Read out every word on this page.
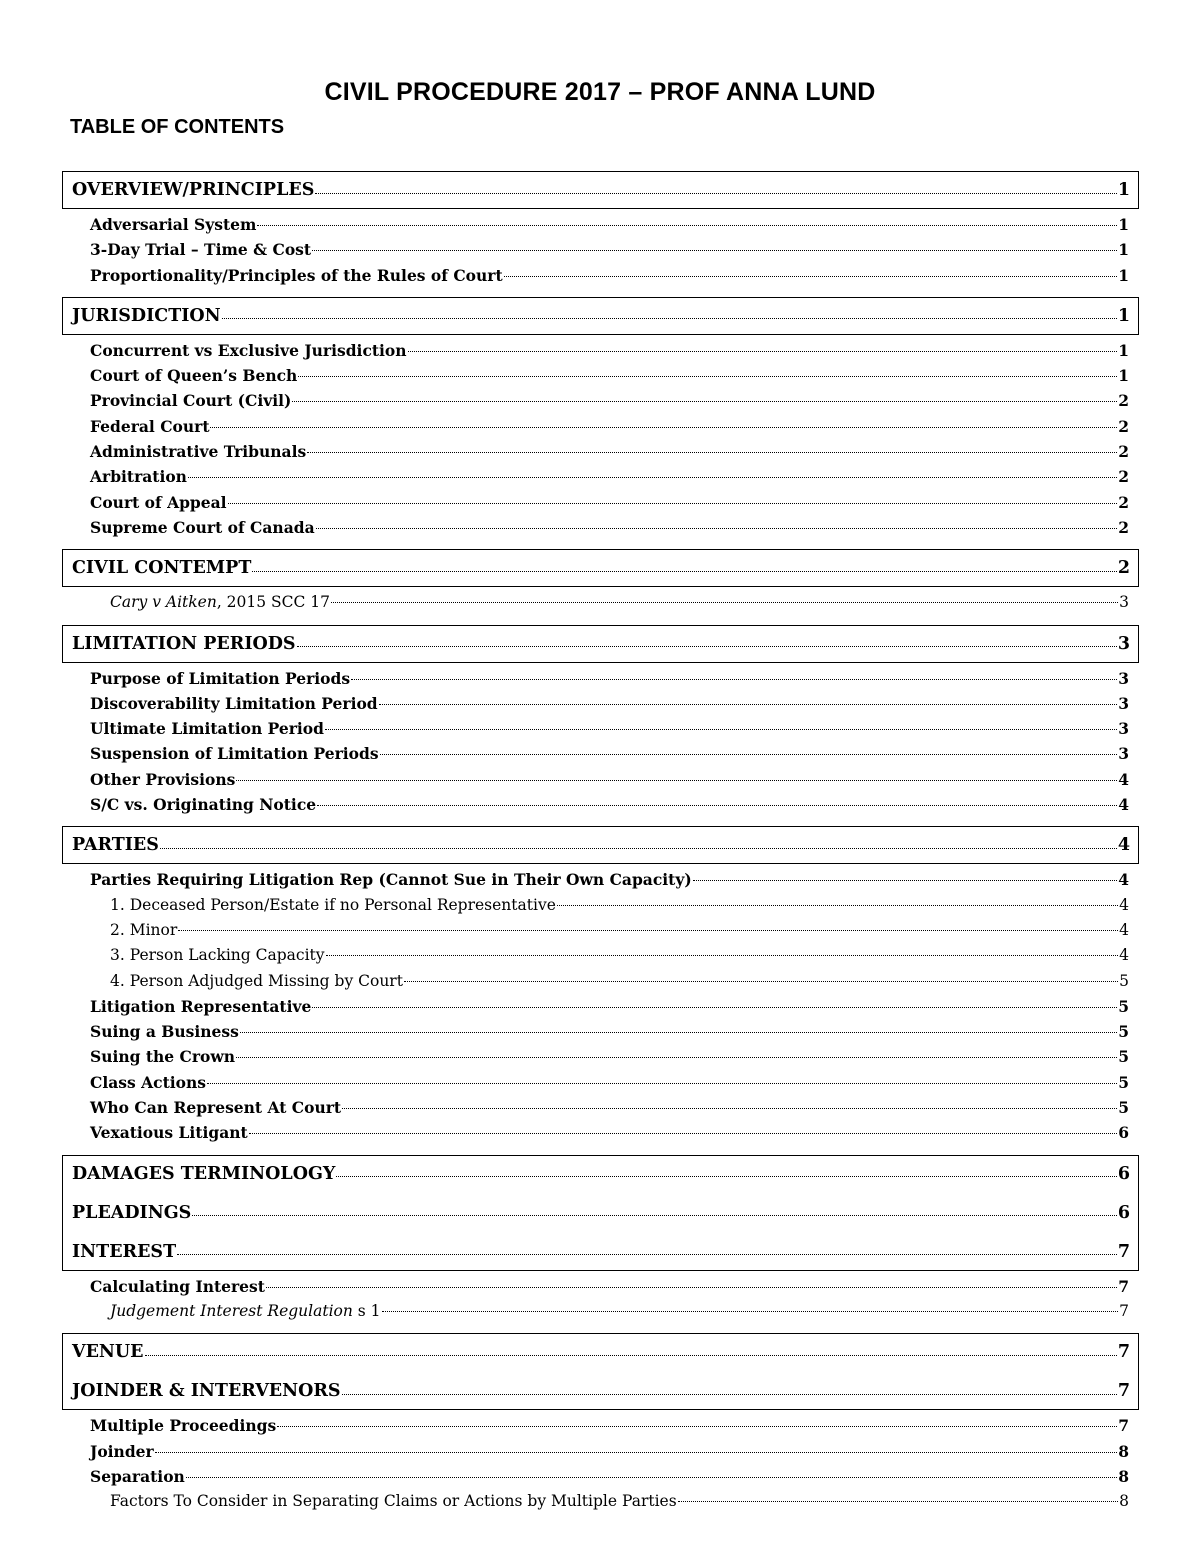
CIVIL PROCEDURE 2017 – PROF ANNA LUND
TABLE OF CONTENTS
OVERVIEW/PRINCIPLES	1
Adversarial System	1
3-Day Trial – Time & Cost	1
Proportionality/Principles of the Rules of Court	1
JURISDICTION	1
Concurrent vs Exclusive Jurisdiction	1
Court of Queen’s Bench	1
Provincial Court (Civil)	2
Federal Court	2
Administrative Tribunals	2
Arbitration	2
Court of Appeal	2
Supreme Court of Canada	2
CIVIL CONTEMPT	2
Cary v Aitken, 2015 SCC 17	3
LIMITATION PERIODS	3
Purpose of Limitation Periods	3
Discoverability Limitation Period	3
Ultimate Limitation Period	3
Suspension of Limitation Periods	3
Other Provisions	4
S/C vs. Originating Notice	4
PARTIES	4
Parties Requiring Litigation Rep (Cannot Sue in Their Own Capacity)	4
1. Deceased Person/Estate if no Personal Representative	4
2. Minor	4
3. Person Lacking Capacity	4
4. Person Adjudged Missing by Court	5
Litigation Representative	5
Suing a Business	5
Suing the Crown	5
Class Actions	5
Who Can Represent At Court	5
Vexatious Litigant	6
DAMAGES TERMINOLOGY	6
PLEADINGS	6
INTEREST	7
Calculating Interest	7
Judgement Interest Regulation s 1	7
VENUE	7
JOINDER & INTERVENORS	7
Multiple Proceedings	7
Joinder	8
Separation	8
Factors To Consider in Separating Claims or Actions by Multiple Parties	8
